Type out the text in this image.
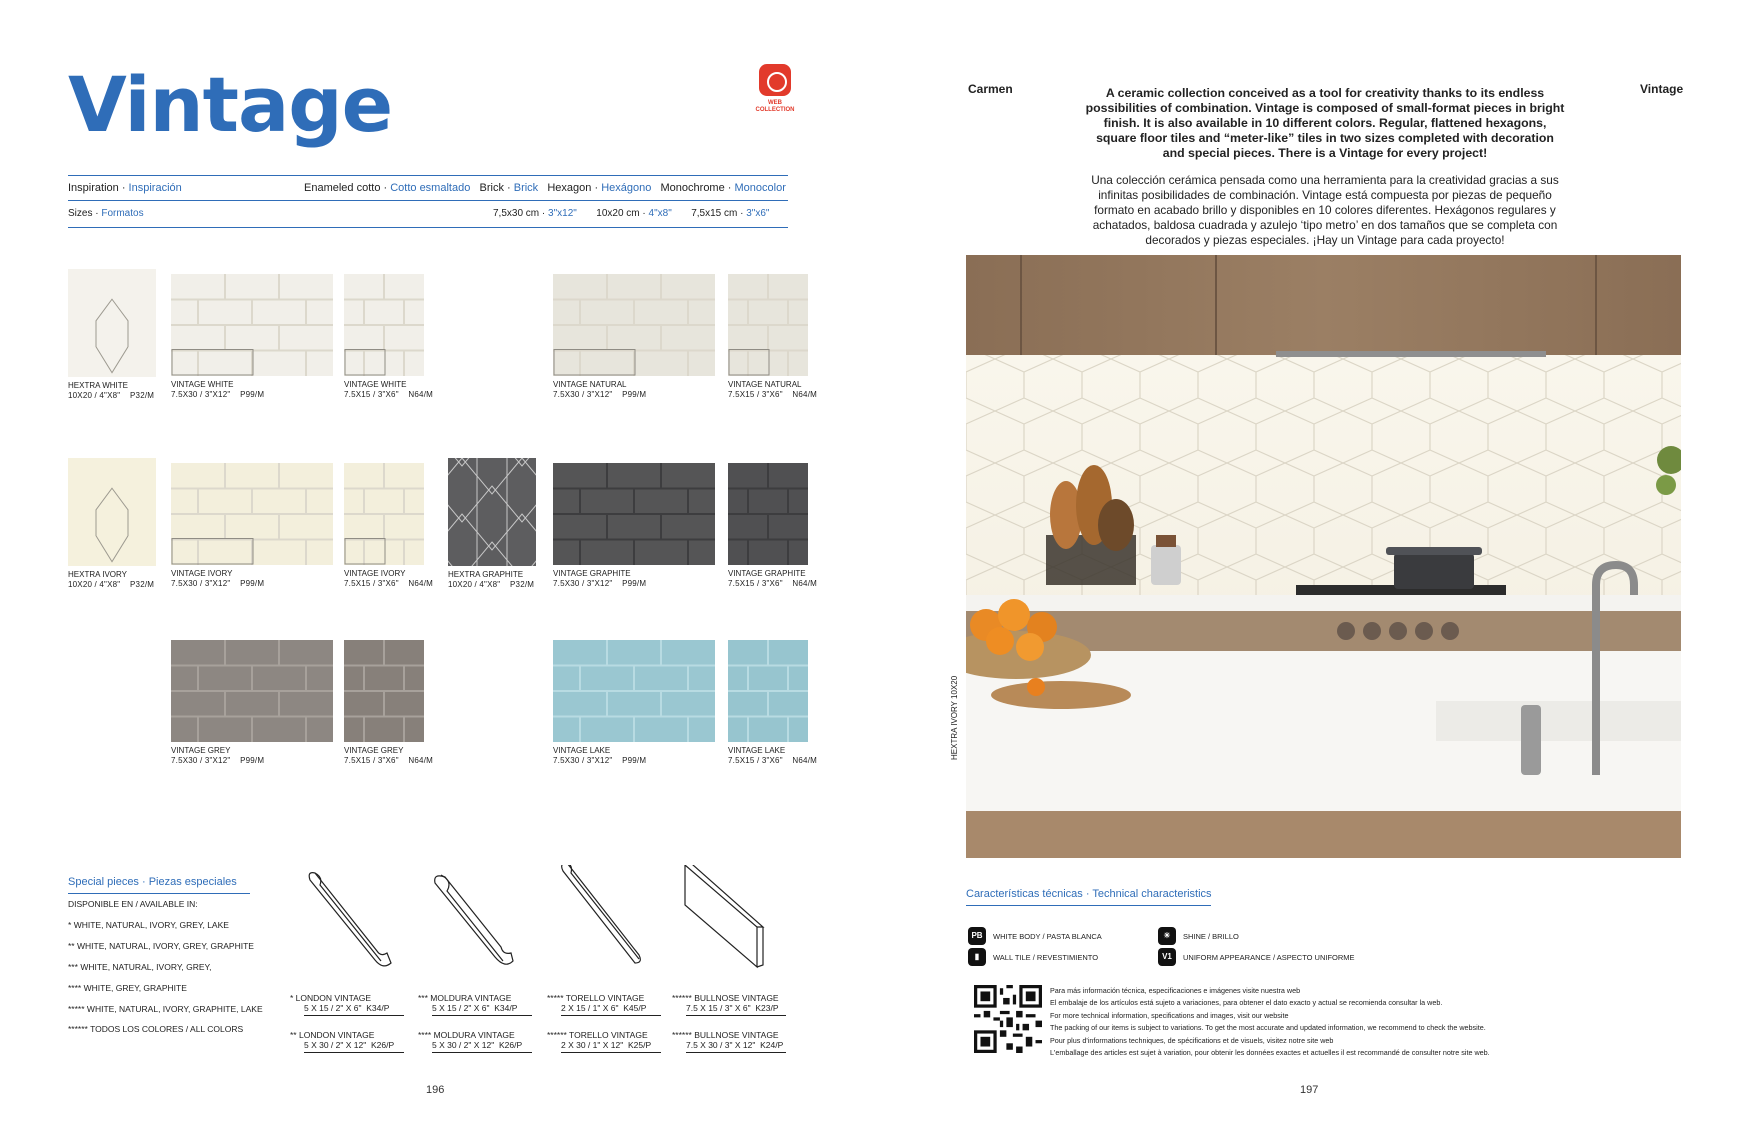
Vintage	WEB
COLLECTION
Inspiration · Inspiración	Enameled cotto · Cotto esmaltado Brick · Brick Hexagon · Hexágono Monochrome · Monocolor
Sizes · Formatos	7,5x30 cm · 3"x12" 10x20 cm · 4"x8" 7,5x15 cm · 3"x6"
HEXTRA WHITE
10X20 / 4"X8"    P32/M
VINTAGE WHITE
7.5X30 / 3"X12"    P99/M
VINTAGE WHITE
7.5X15 / 3"X6"    N64/M
VINTAGE NATURAL
7.5X30 / 3"X12"    P99/M
VINTAGE NATURAL
7.5X15 / 3"X6"    N64/M
HEXTRA IVORY
10X20 / 4"X8"    P32/M
VINTAGE IVORY
7.5X30 / 3"X12"    P99/M
VINTAGE IVORY
7.5X15 / 3"X6"    N64/M
HEXTRA GRAPHITE
10X20 / 4"X8"    P32/M
VINTAGE GRAPHITE
7.5X30 / 3"X12"    P99/M
VINTAGE GRAPHITE
7.5X15 / 3"X6"    N64/M
VINTAGE GREY
7.5X30 / 3"X12"    P99/M
VINTAGE GREY
7.5X15 / 3"X6"    N64/M
VINTAGE LAKE
7.5X30 / 3"X12"    P99/M
VINTAGE LAKE
7.5X15 / 3"X6"    N64/M
Special pieces · Piezas especiales
DISPONIBLE EN / AVAILABLE IN:
* WHITE, NATURAL, IVORY, GREY, LAKE
** WHITE, NATURAL, IVORY, GREY, GRAPHITE
*** WHITE, NATURAL, IVORY, GREY,
**** WHITE, GREY, GRAPHITE
***** WHITE, NATURAL, IVORY, GRAPHITE, LAKE
****** TODOS LOS COLORES / ALL COLORS
* LONDON VINTAGE
5 X 15 / 2" X 6"  K34/P
** LONDON VINTAGE
5 X 30 / 2" X 12"  K26/P
*** MOLDURA VINTAGE
5 X 15 / 2" X 6"  K34/P
**** MOLDURA VINTAGE
5 X 30 / 2" X 12"  K26/P
***** TORELLO VINTAGE
2 X 15 / 1" X 6"  K45/P
****** TORELLO VINTAGE
2 X 30 / 1" X 12"  K25/P
****** BULLNOSE VINTAGE
7.5 X 15 / 3" X 6"  K23/P
****** BULLNOSE VINTAGE
7.5 X 30 / 3" X 12"  K24/P
196
Carmen	Vintage
A ceramic collection conceived as a tool for creativity thanks to its endless possibilities of combination. Vintage is composed of small-format pieces in bright finish. It is also available in 10 different colors. Regular, flattened hexagons, square floor tiles and “meter-like” tiles in two sizes completed with decoration and special pieces. There is a Vintage for every project!
Una colección cerámica pensada como una herramienta para la creatividad gracias a sus infinitas posibilidades de combinación. Vintage está compuesta por piezas de pequeño formato en acabado brillo y disponibles en 10 colores diferentes. Hexágonos regulares y achatados, baldosa cuadrada y azulejo ‘tipo metro’ en dos tamaños que se completa con decorados y piezas especiales. ¡Hay un Vintage para cada proyecto!
HEXTRA IVORY 10X20
Características técnicas · Technical characteristics
PB	WHITE BODY / PASTA BLANCA	☀	SHINE / BRILLO
▮	WALL TILE / REVESTIMIENTO	V1	UNIFORM APPEARANCE / ASPECTO UNIFORME

Para más información técnica, especificaciones e imágenes visite nuestra web

El embalaje de los artículos está sujeto a variaciones, para obtener el dato exacto y actual se recomienda consultar la web.

For more technical information, specifications and images, visit our website

The packing of our items is subject to variations. To get the most accurate and updated information, we recommend to check the website.

Pour plus d'informations techniques, de spécifications et de visuels, visitez notre site web

L'emballage des articles est sujet à variation, pour obtenir les données exactes et actuelles il est recommandé de consulter notre site web.

197
